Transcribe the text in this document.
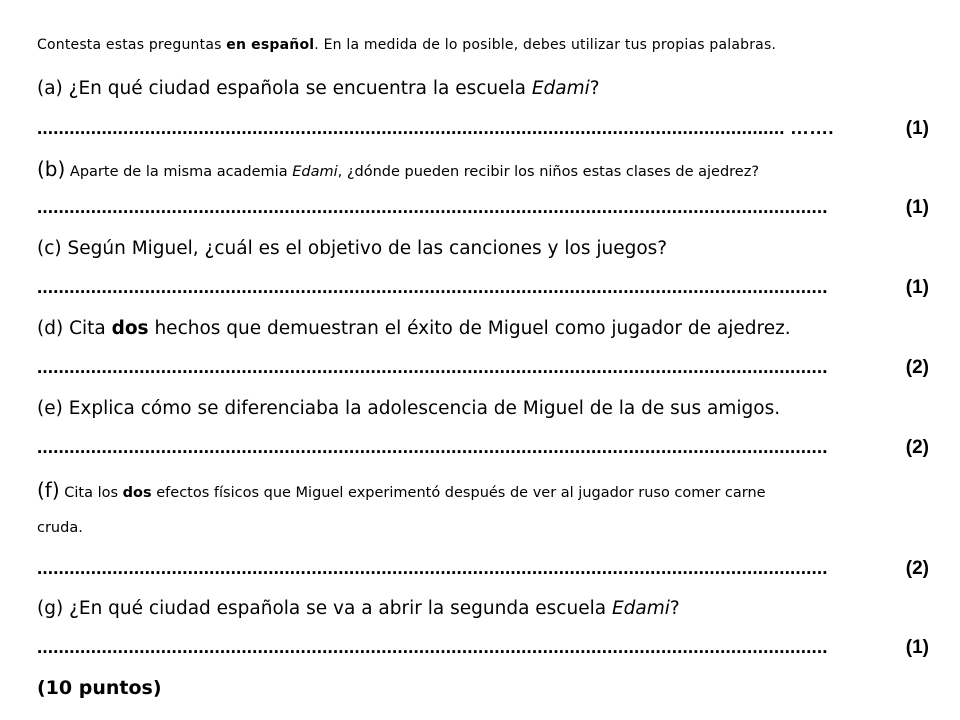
Contesta estas preguntas en español. En la medida de lo posible, debes utilizar tus propias palabras.
(a) ¿En qué ciudad española se encuentra la escuela Edami?
........................................................................................................................................... …….	(1)
(b) Aparte de la misma academia Edami, ¿dónde pueden recibir los niños estas clases de ajedrez?
...................................................................................................................................................	(1)
(c) Según Miguel, ¿cuál es el objetivo de las canciones y los juegos?
...................................................................................................................................................	(1)
(d) Cita dos hechos que demuestran el éxito de Miguel como jugador de ajedrez.
...................................................................................................................................................	(2)
(e) Explica cómo se diferenciaba la adolescencia de Miguel de la de sus amigos.
...................................................................................................................................................	(2)
(f) Cita los dos efectos físicos que Miguel experimentó después de ver al jugador ruso comer carne
cruda.
...................................................................................................................................................	(2)
(g) ¿En qué ciudad española se va a abrir la segunda escuela Edami?
...................................................................................................................................................	(1)
(10 puntos)
